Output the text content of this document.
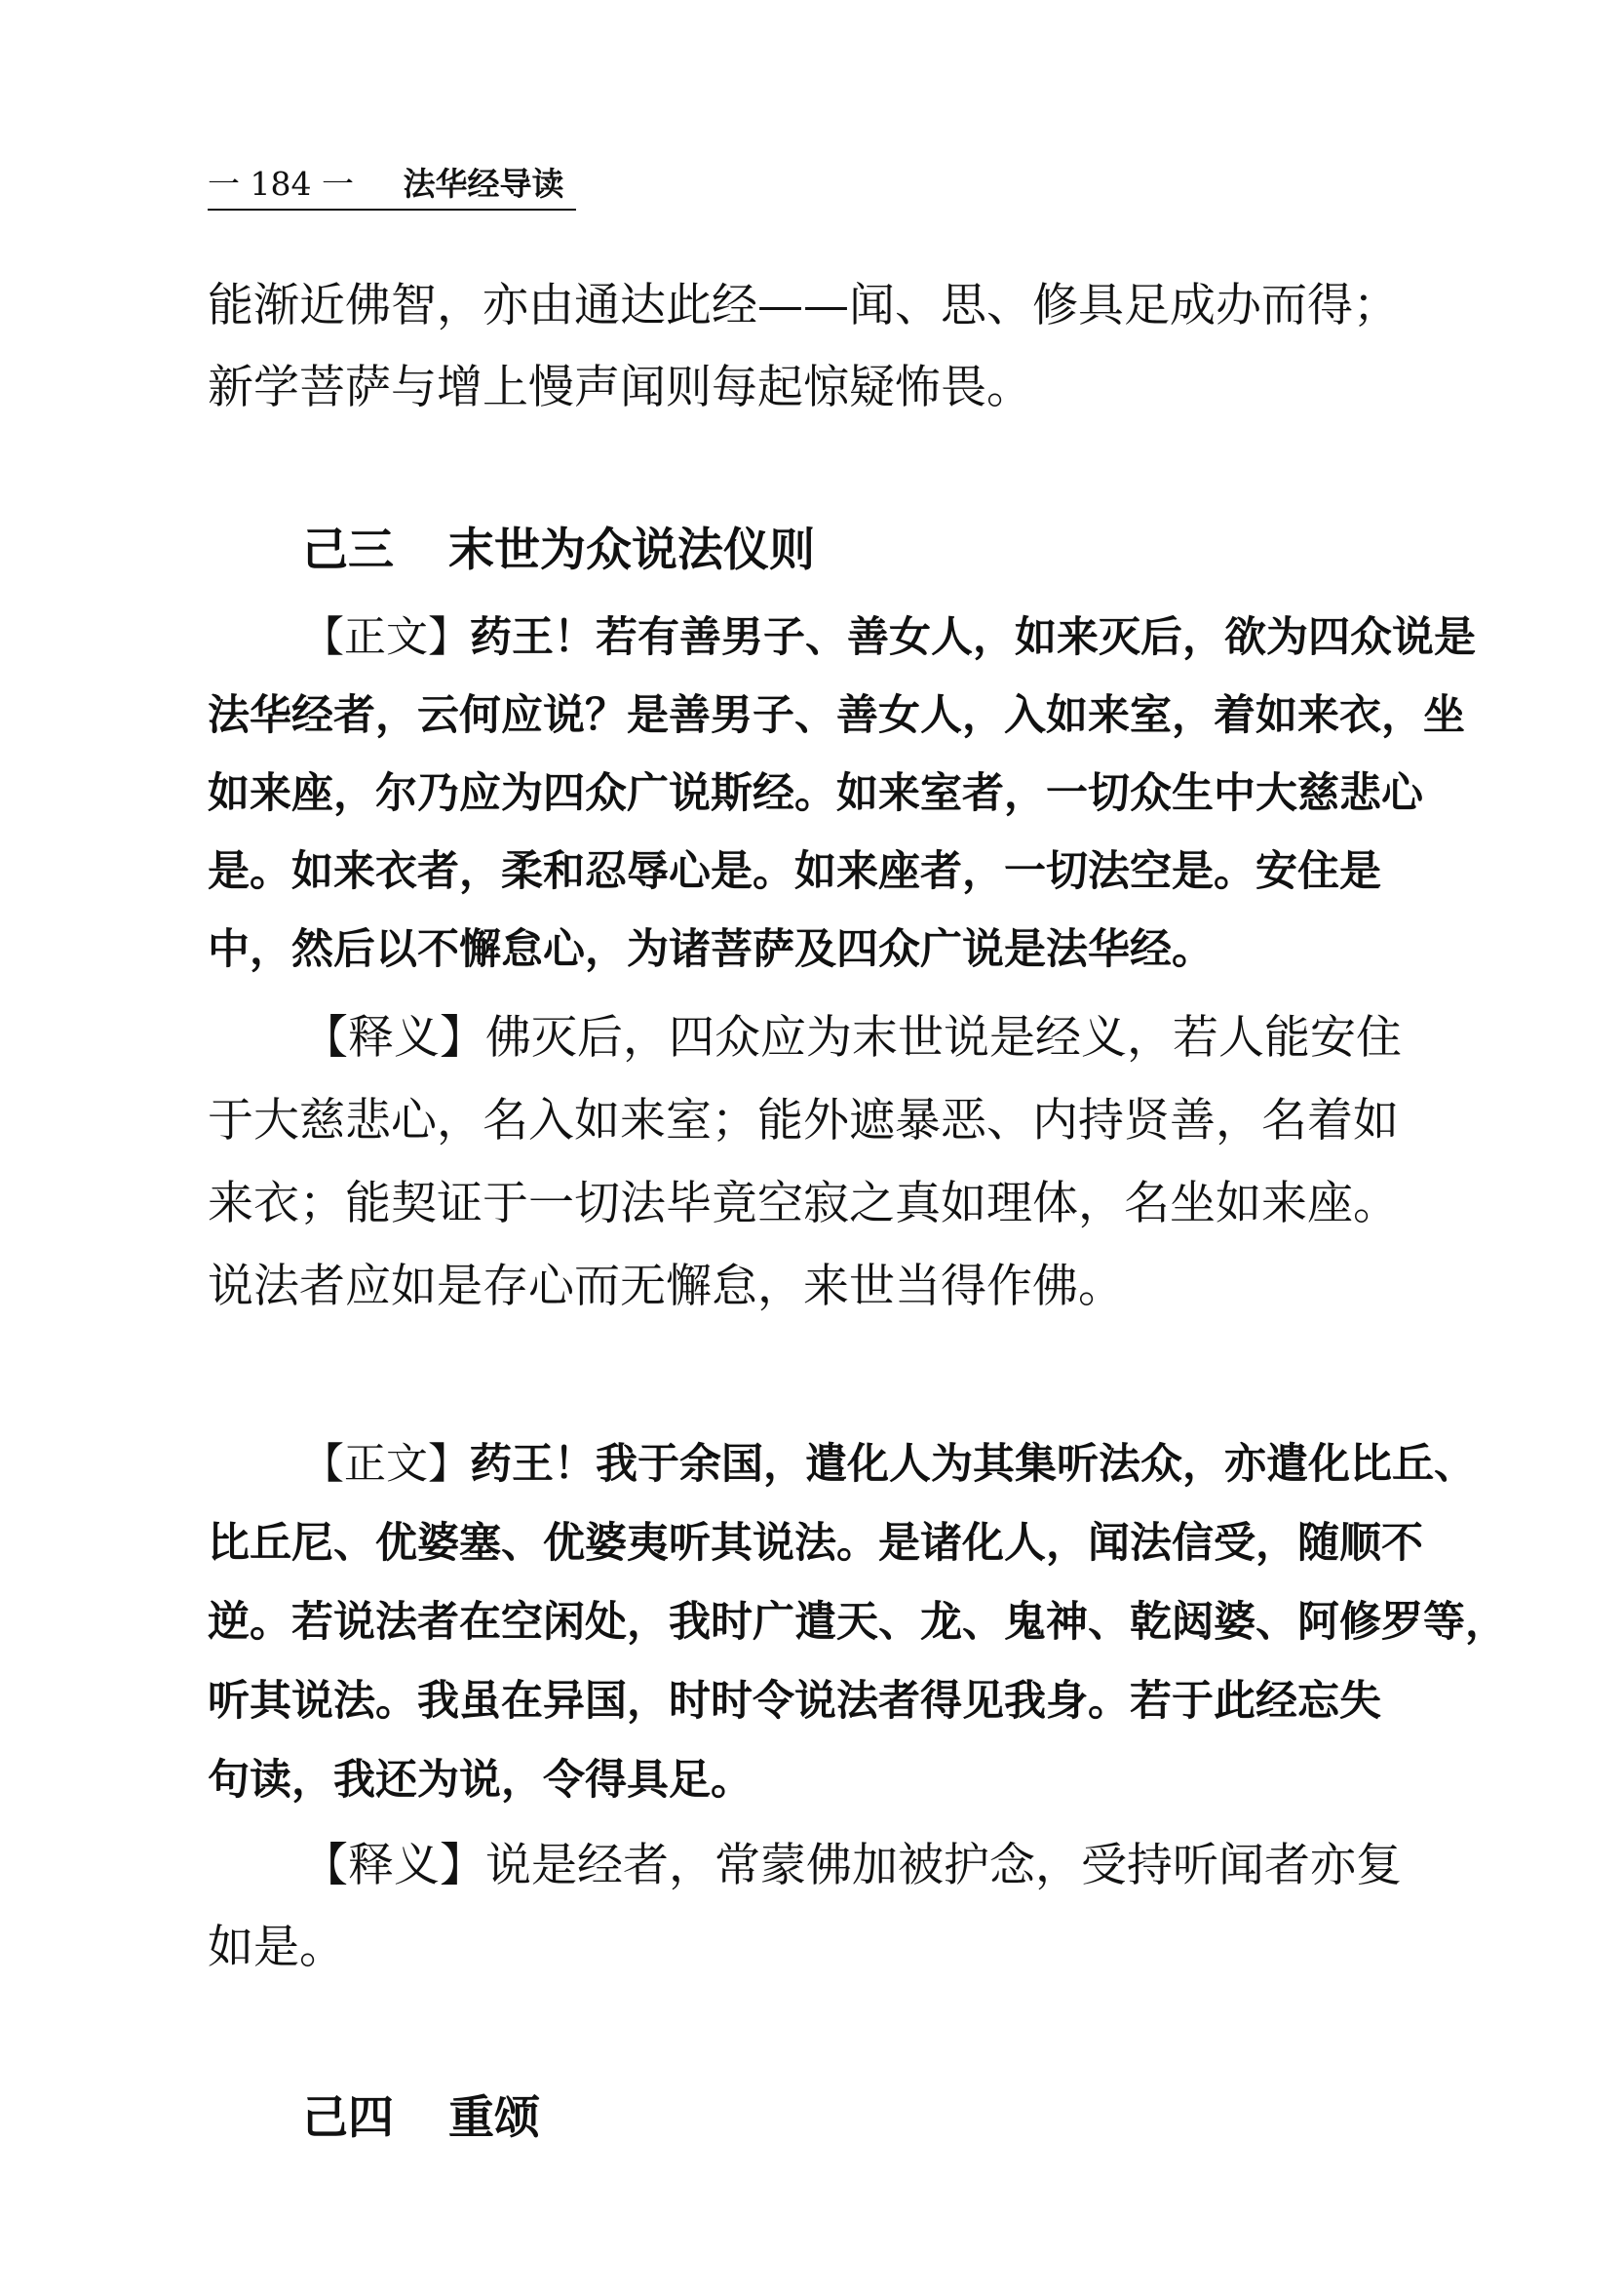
一 184 一 法华经导读
能渐近佛智，亦由通达此经——闻、思、修具足成办而得；
新学菩萨与增上慢声闻则每起惊疑怖畏。
己三 末世为众说法仪则
【正文】药王！若有善男子、善女人，如来灭后，欲为四众说是
法华经者，云何应说？是善男子、善女人，入如来室，着如来衣，坐
如来座，尔乃应为四众广说斯经。如来室者，一切众生中大慈悲心
是。如来衣者，柔和忍辱心是。如来座者，一切法空是。安住是
中，然后以不懈怠心，为诸菩萨及四众广说是法华经。
【释义】佛灭后，四众应为末世说是经义，若人能安住
于大慈悲心，名入如来室；能外遮暴恶、内持贤善，名着如
来衣；能契证于一切法毕竟空寂之真如理体，名坐如来座。
说法者应如是存心而无懈怠，来世当得作佛。
【正文】药王！我于余国，遣化人为其集听法众，亦遣化比丘、
比丘尼、优婆塞、优婆夷听其说法。是诸化人，闻法信受，随顺不
逆。若说法者在空闲处，我时广遣天、龙、鬼神、乾闼婆、阿修罗等，
听其说法。我虽在异国，时时令说法者得见我身。若于此经忘失
句读，我还为说，令得具足。
【释义】说是经者，常蒙佛加被护念，受持听闻者亦复
如是。
己四 重颂
